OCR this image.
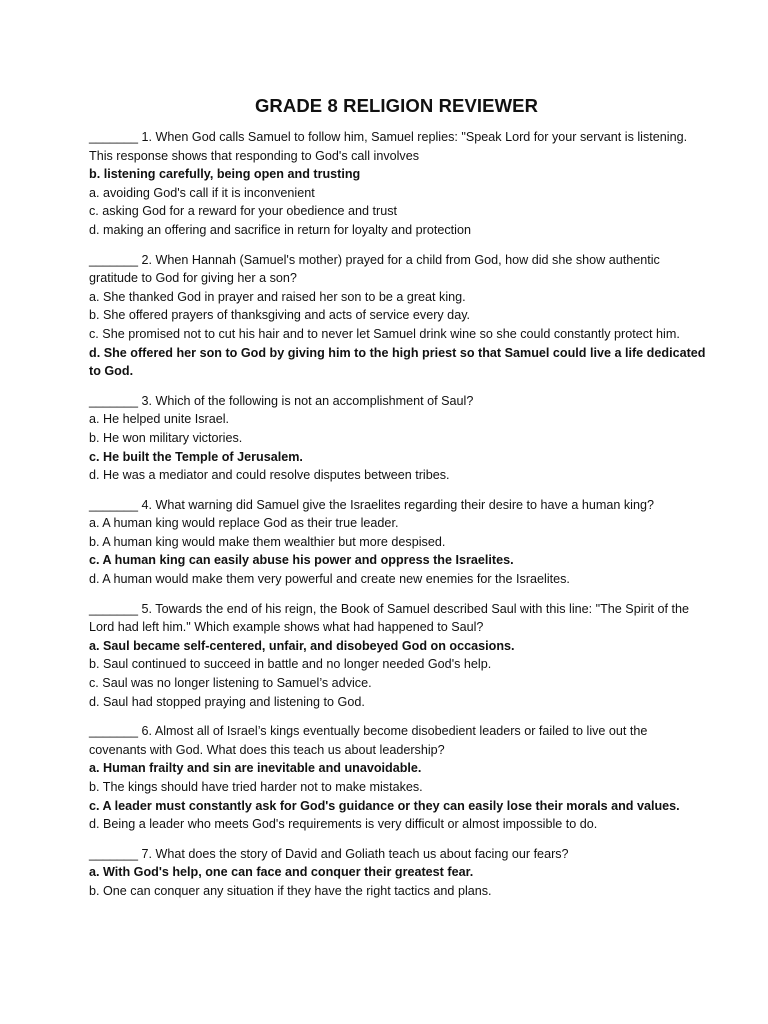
GRADE 8 RELIGION REVIEWER
_______ 1. When God calls Samuel to follow him, Samuel replies: "Speak Lord for your servant is listening. This response shows that responding to God's call involves
b. listening carefully, being open and trusting
a. avoiding God's call if it is inconvenient
c. asking God for a reward for your obedience and trust
d. making an offering and sacrifice in return for loyalty and protection
_______ 2. When Hannah (Samuel's mother) prayed for a child from God, how did she show authentic gratitude to God for giving her a son?
a. She thanked God in prayer and raised her son to be a great king.
b. She offered prayers of thanksgiving and acts of service every day.
c. She promised not to cut his hair and to never let Samuel drink wine so she could constantly protect him.
d. She offered her son to God by giving him to the high priest so that Samuel could live a life dedicated to God.
_______ 3. Which of the following is not an accomplishment of Saul?
a. He helped unite Israel.
b. He won military victories.
c. He built the Temple of Jerusalem.
d. He was a mediator and could resolve disputes between tribes.
_______ 4. What warning did Samuel give the Israelites regarding their desire to have a human king?
a. A human king would replace God as their true leader.
b. A human king would make them wealthier but more despised.
c. A human king can easily abuse his power and oppress the Israelites.
d. A human would make them very powerful and create new enemies for the Israelites.
_______ 5. Towards the end of his reign, the Book of Samuel described Saul with this line: "The Spirit of the Lord had left him." Which example shows what had happened to Saul?
a. Saul became self-centered, unfair, and disobeyed God on occasions.
b. Saul continued to succeed in battle and no longer needed God's help.
c. Saul was no longer listening to Samuel’s advice.
d. Saul had stopped praying and listening to God.
_______ 6. Almost all of Israel’s kings eventually become disobedient leaders or failed to live out the covenants with God. What does this teach us about leadership?
a. Human frailty and sin are inevitable and unavoidable.
b. The kings should have tried harder not to make mistakes.
c. A leader must constantly ask for God's guidance or they can easily lose their morals and values.
d. Being a leader who meets God's requirements is very difficult or almost impossible to do.
_______ 7. What does the story of David and Goliath teach us about facing our fears?
a. With God's help, one can face and conquer their greatest fear.
b. One can conquer any situation if they have the right tactics and plans.
